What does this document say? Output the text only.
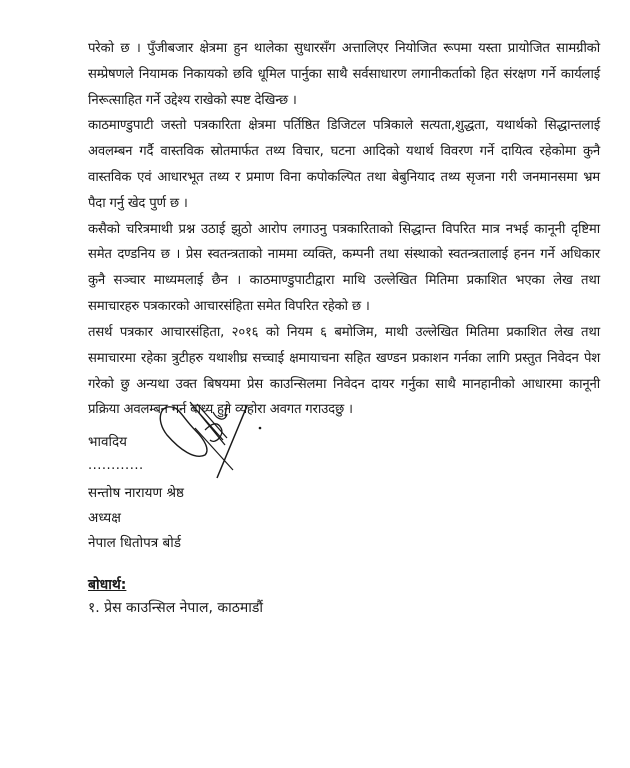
परेको छ । पुँजीबजार क्षेत्रमा हुन थालेका सुधारसँग अत्तालिएर नियोजित रूपमा यस्ता प्रायोजित सामग्रीको
सम्प्रेषणले नियामक निकायको छवि धूमिल पार्नुका साथै सर्वसाधारण लगानीकर्ताको हित संरक्षण गर्ने कार्यलाई
निरूत्साहित गर्ने उद्देश्य राखेको स्पष्ट देखिन्छ ।
काठमाण्डुपाटी जस्तो पत्रकारिता क्षेत्रमा पर्तिष्ठित डिजिटल पत्रिकाले सत्यता,शुद्धता, यथार्थको सिद्धान्तलाई
अवलम्बन गर्दै वास्तविक स्रोतमार्फत तथ्य विचार, घटना आदिको यथार्थ विवरण गर्ने दायित्व रहेकोमा कुनै
वास्तविक एवं आधारभूत तथ्य र प्रमाण विना कपोकल्पित तथा बेबुनियाद तथ्य सृजना गरी जनमानसमा भ्रम
पैदा गर्नु खेद पुर्ण छ ।
कसैको चरित्रमाथी प्रश्न उठाई झुठो आरोप लगाउनु पत्रकारिताको सिद्धान्त विपरित मात्र नभई कानूनी दृष्टिमा
समेत दण्डनिय छ । प्रेस स्वतन्त्रताको नाममा व्यक्ति, कम्पनी तथा संस्थाको स्वतन्त्रतालाई हनन गर्ने अधिकार
कुनै सञ्चार माध्यमलाई छैन । काठमाण्डुपाटीद्वारा माथि उल्लेखित मितिमा प्रकाशित भएका लेख तथा
समाचारहरु पत्रकारको आचारसंहिता समेत विपरित रहेको छ ।
तसर्थ पत्रकार आचारसंहिता, २०१६ को नियम ६ बमोजिम, माथी उल्लेखित मितिमा प्रकाशित लेख तथा
समाचारमा रहेका त्रुटीहरु यथाशीघ्र सच्चाई क्षमायाचना सहित खण्डन प्रकाशन गर्नका लागि प्रस्तुत निवेदन पेश
गरेको छु अन्यथा उक्त बिषयमा प्रेस काउन्सिलमा निवेदन दायर गर्नुका साथै मानहानीको आधारमा कानूनी
प्रक्रिया अवलम्बन गर्न बाध्य हुने व्यहोरा अवगत गराउदछु ।
भावदिय
............
सन्तोष नारायण श्रेष्ठ
अध्यक्ष
नेपाल धितोपत्र बोर्ड
बोधार्थ:
१. प्रेस काउन्सिल नेपाल, काठमाडौं
